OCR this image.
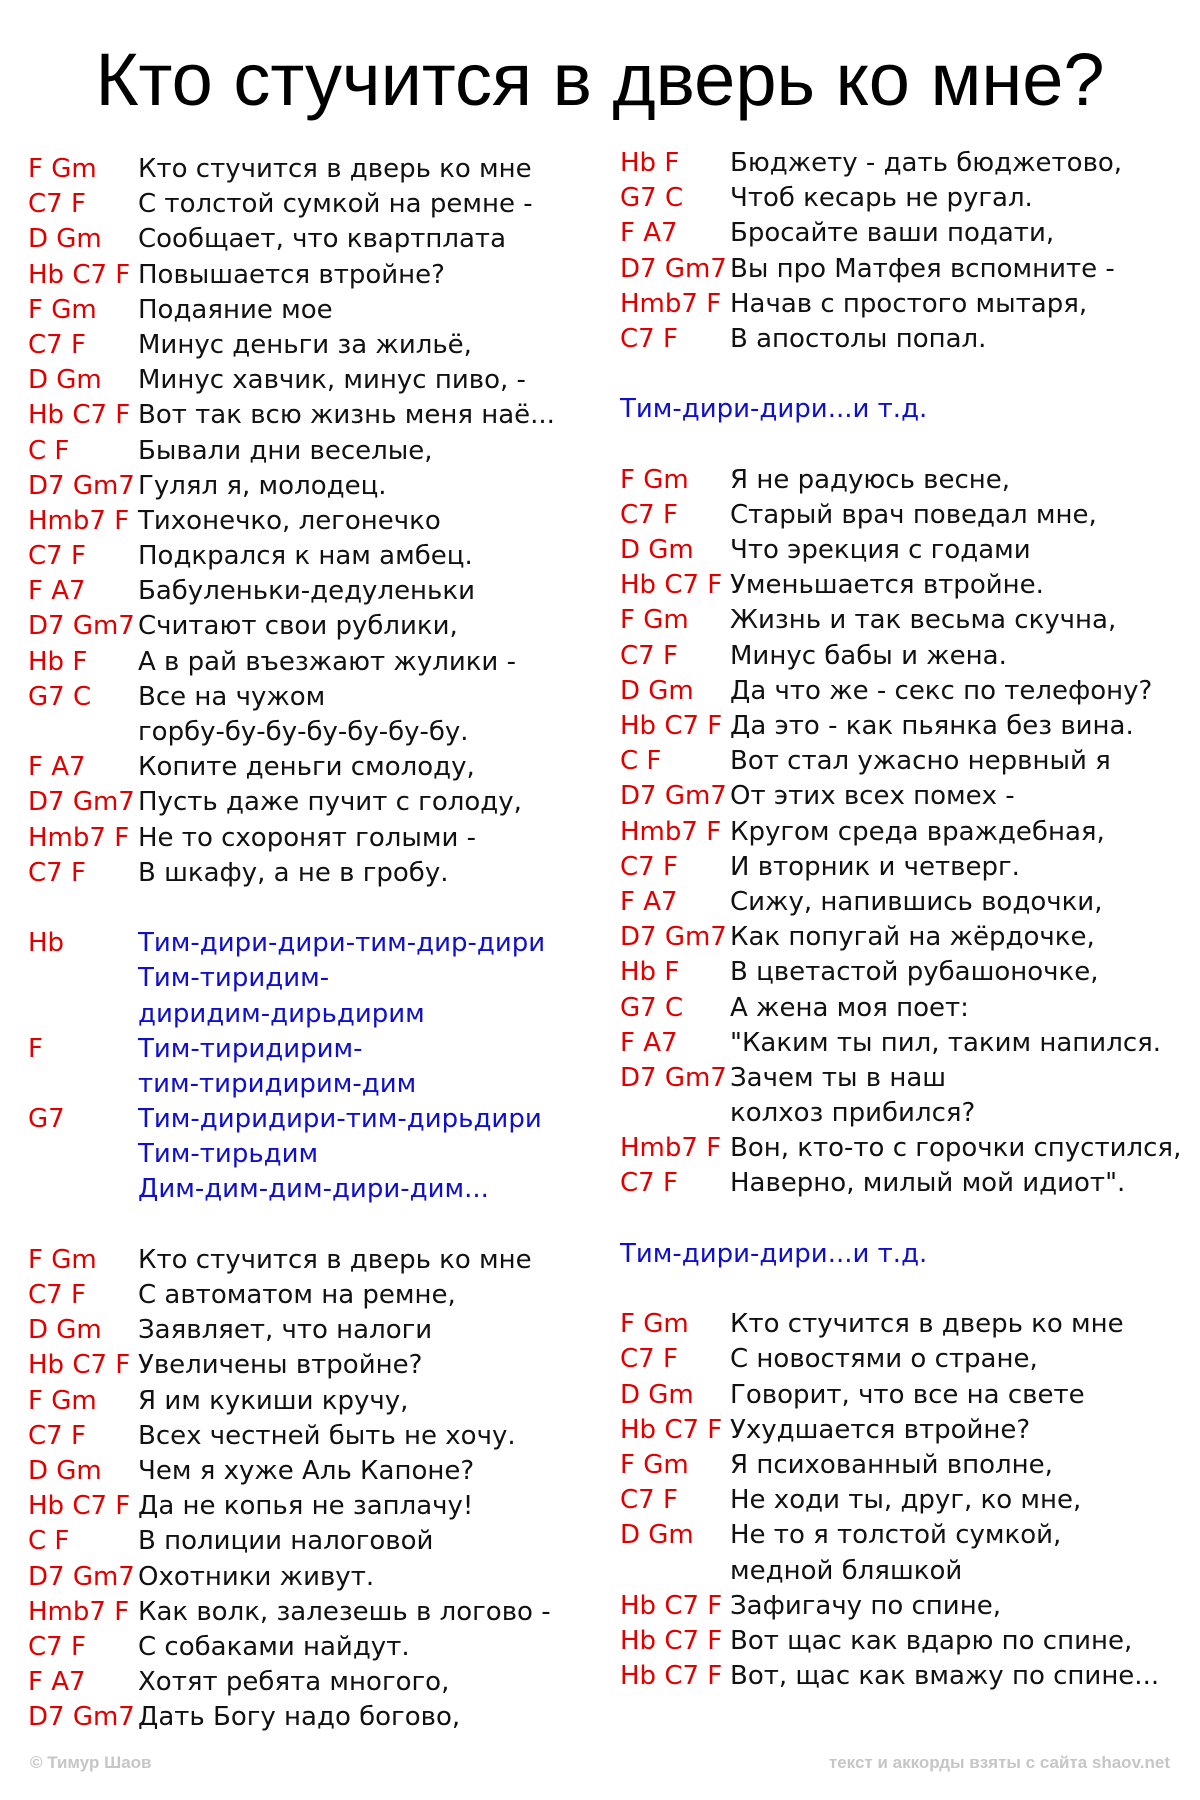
Кто стучится в дверь ко мне?
F Gm	Кто стучится в дверь ко мне
C7 F	С толстой сумкой на ремне -
D Gm	Сообщает, что квартплата
Hb C7 F Повышается втройне?
F Gm	Подаяние мое
C7 F	Минус деньги за жильё,
D Gm	Минус хавчик, минус пиво, -
Hb C7 F Вот так всю жизнь меня наё...
C F	Бывали дни веселые,
D7 Gm7 Гулял я, молодец.
Hmb7 F Тихонечко, легонечко
C7 F	Подкрался к нам амбец.
F A7	Бабуленьки-дедуленьки
D7 Gm7 Считают свои рублики,
Hb F	А в рай въезжают жулики -
G7 C	Все на чужом
горбу-бу-бу-бу-бу-бу-бу.
F A7	Копите деньги смолоду,
D7 Gm7 Пусть даже пучит с голоду,
Hmb7 F Не то схоронят голыми -
C7 F	В шкафу, а не в гробу.
Hb	Тим-дири-дири-тим-дир-дири
Тим-тиридим-
диридим-дирьдирим
F	Тим-тиридирим-
тим-тиридирим-дим
G7	Тим-диридири-тим-дирьдири
Тим-тирьдим
Дим-дим-дим-дири-дим...
F Gm	Кто стучится в дверь ко мне
C7 F	С автоматом на ремне,
D Gm	Заявляет, что налоги
Hb C7 F Увеличены втройне?
F Gm	Я им кукиши кручу,
C7 F	Всех честней быть не хочу.
D Gm	Чем я хуже Аль Капоне?
Hb C7 F Да не копья не заплачу!
C F	В полиции налоговой
D7 Gm7 Охотники живут.
Hmb7 F Как волк, залезешь в логово -
C7 F	С собаками найдут.
F A7	Хотят ребята многого,
D7 Gm7 Дать Богу надо богово,
Hb F	Бюджету - дать бюджетово,
G7 C	Чтоб кесарь не ругал.
F A7	Бросайте ваши подати,
D7 Gm7 Вы про Матфея вспомните -
Hmb7 F Начав с простого мытаря,
C7 F	В апостолы попал.
Тим-дири-дири...и т.д.
F Gm	Я не радуюсь весне,
C7 F	Старый врач поведал мне,
D Gm	Что эрекция с годами
Hb C7 F Уменьшается втройне.
F Gm	Жизнь и так весьма скучна,
C7 F	Минус бабы и жена.
D Gm	Да что же - секс по телефону?
Hb C7 F Да это - как пьянка без вина.
C F	Вот стал ужасно нервный я
D7 Gm7 От этих всех помех -
Hmb7 F Кругом среда враждебная,
C7 F	И вторник и четверг.
F A7	Сижу, напившись водочки,
D7 Gm7 Как попугай на жёрдочке,
Hb F	В цветастой рубашоночке,
G7 C	А жена моя поет:
F A7	"Каким ты пил, таким напился.
D7 Gm7 Зачем ты в наш
колхоз прибился?
Hmb7 F Вон, кто-то с горочки спустился,
C7 F	Наверно, милый мой идиот".
Тим-дири-дири...и т.д.
F Gm	Кто стучится в дверь ко мне
C7 F	С новостями о стране,
D Gm	Говорит, что все на свете
Hb C7 F Ухудшается втройне?
F Gm	Я психованный вполне,
C7 F	Не ходи ты, друг, ко мне,
D Gm	Не то я толстой сумкой,
медной бляшкой
Hb C7 F Зафигачу по спине,
Hb C7 F Вот щас как вдарю по спине,
Hb C7 F Вот, щас как вмажу по спине...
© Тимур Шаов	текст и аккорды взяты с сайта shaov.net
